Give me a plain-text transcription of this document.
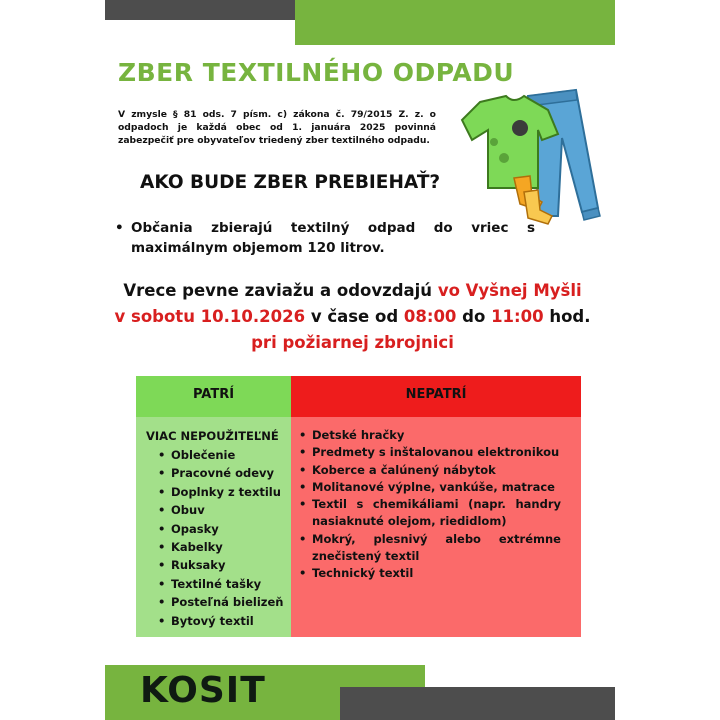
ZBER TEXTILNÉHO ODPADU
V zmysle § 81 ods. 7 písm. c) zákona č. 79/2015 Z. z. o odpadoch je každá obec od 1. januára 2025 povinná zabezpečiť pre obyvateľov triedený zber textilného odpadu.
AKO BUDE ZBER PREBIEHAŤ?
• Občania zbierajú textilný odpad do vriec s maximálnym objemom 120 litrov.
Vrece pevne zaviažu a odovzdajú vo Vyšnej Myšli
v sobotu 10.10.2026 v čase od 08:00 do 11:00 hod.
pri požiarnej zbrojnici
PATRÍ	NEPATRÍ
VIAC NEPOUŽITEĽNÉ
• Oblečenie
• Pracovné odevy
• Doplnky z textilu
• Obuv
• Opasky
• Kabelky
• Ruksaky
• Textilné tašky
• Posteľná bielizeň
• Bytový textil
• Detské hračky
• Predmety s inštalovanou elektronikou
• Koberce a čalúnený nábytok
• Molitanové výplne, vankúše, matrace
• Textil s chemikáliami (napr. handry nasiaknuté olejom, riedidlom)
• Mokrý, plesnivý alebo extrémne znečistený textil
• Technický textil
KOSIT
